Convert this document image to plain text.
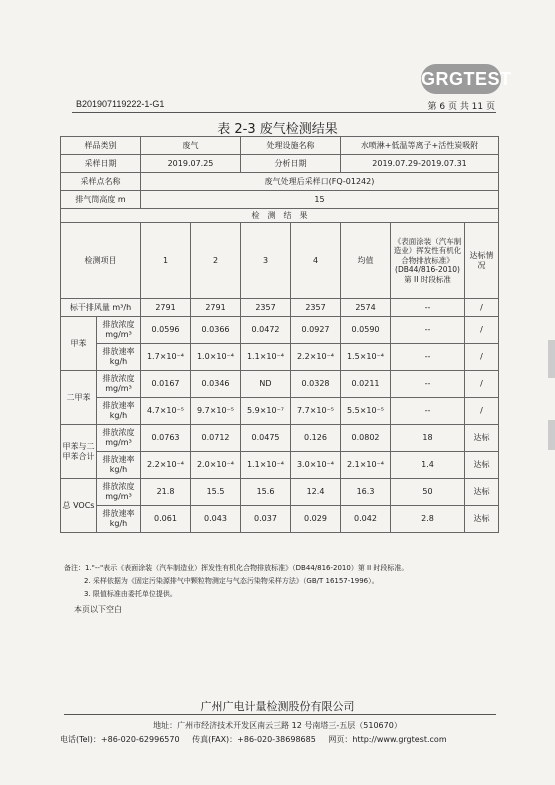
GRGTEST
B201907119222-1-G1	第 6 页 共 11 页
表 2-3 废气检测结果
样品类别		废气		处理设施名称		水喷淋+低温等离子+活性炭吸附		
采样日期		2019.07.25		分析日期		2019.07.29-2019.07.31		
采样点名称		废气处理后采样口(FQ-01242)						
排气筒高度 m		15						
检　测　结　果								
检测项目		1	2	3	4	均值	《表面涂装（汽车制造业）挥发性有机化合物排放标准》(DB44/816-2010)第 II 时段标准	达标情况
标干排风量 m³/h		2791	2791	2357	2357	2574	--	/
甲苯	排放浓度 mg/m³	0.0596	0.0366	0.0472	0.0927	0.0590	--	/
	排放速率 kg/h	1.7×10⁻⁴	1.0×10⁻⁴	1.1×10⁻⁴	2.2×10⁻⁴	1.5×10⁻⁴	--	/
二甲苯	排放浓度 mg/m³	0.0167	0.0346	ND	0.0328	0.0211	--	/
	排放速率 kg/h	4.7×10⁻⁵	9.7×10⁻⁵	5.9×10⁻⁷	7.7×10⁻⁵	5.5×10⁻⁵	--	/
甲苯与二甲苯合计	排放浓度 mg/m³	0.0763	0.0712	0.0475	0.126	0.0802	18	达标
	排放速率 kg/h	2.2×10⁻⁴	2.0×10⁻⁴	1.1×10⁻⁴	3.0×10⁻⁴	2.1×10⁻⁴	1.4	达标
总 VOCs	排放浓度 mg/m³	21.8	15.5	15.6	12.4	16.3	50	达标
	排放速率 kg/h	0.061	0.043	0.037	0.029	0.042	2.8	达标
备注：1."--"表示《表面涂装（汽车制造业）挥发性有机化合物排放标准》（DB44/816-2010）第 II 时段标准。
2. 采样依据为《固定污染源排气中颗粒物测定与气态污染物采样方法》（GB/T 16157-1996）。
3. 限值标准由委托单位提供。
本页以下空白
广州广电计量检测股份有限公司
地址：广州市经济技术开发区南云三路 12 号南塔三-五层（510670）
电话(Tel)：+86-020-62996570 传真(FAX)：+86-020-38698685 网页：http://www.grgtest.com
